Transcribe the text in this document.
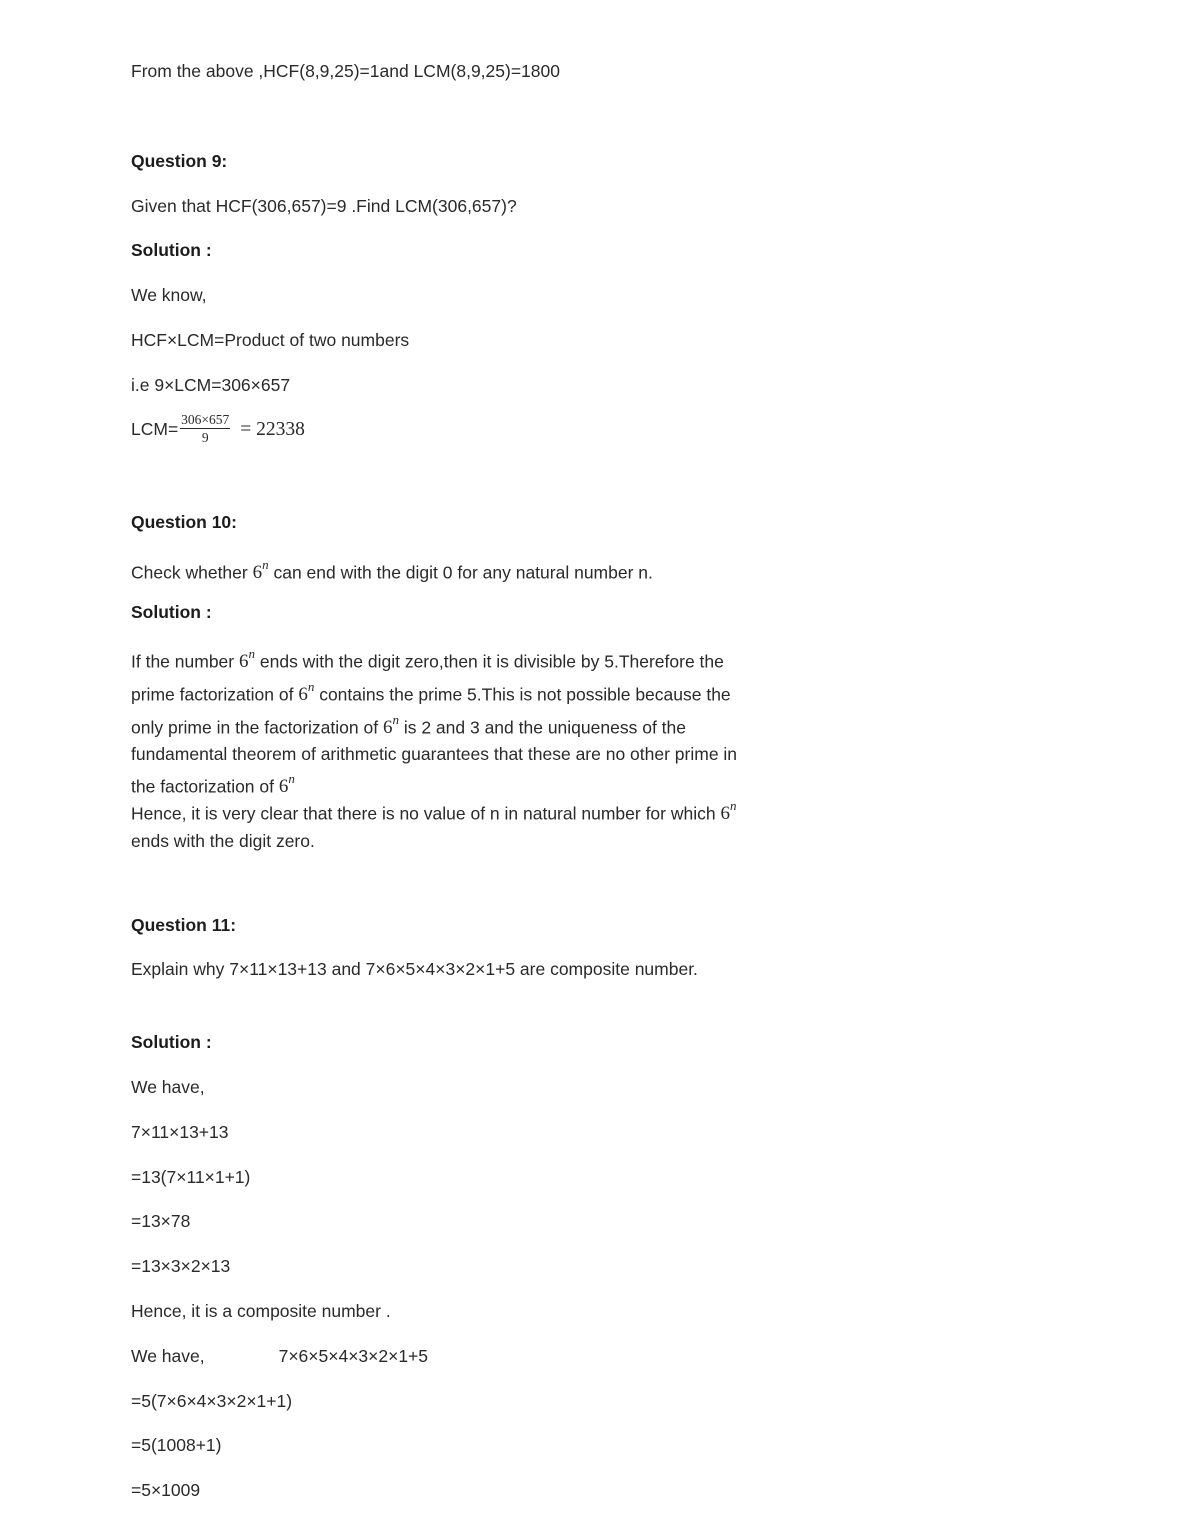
From the above ,HCF(8,9,25)=1and LCM(8,9,25)=1800
Question 9:
Given that HCF(306,657)=9 .Find LCM(306,657)?
Solution :
We know,
HCF×LCM=Product of two numbers
i.e 9×LCM=306×657
$LCM= \frac{306\times 657}{9} = 22338$
Question 10:
Check whether 6$^n$ can end with the digit 0 for any natural number n.
Solution :
If the number 6$^n$ ends with the digit zero,then it is divisible by 5.Therefore the prime factorization of 6$^n$ contains the prime 5.This is not possible because the only prime in the factorization of 6$^n$ is 2 and 3 and the uniqueness of the fundamental theorem of arithmetic guarantees that these are no other prime in the factorization of 6$^n$
Hence, it is very clear that there is no value of n in natural number for which 6$^n$ ends with the digit zero.
Question 11:
Explain why 7×11×13+13 and 7×6×5×4×3×2×1+5 are composite number.
Solution :
We have,
7×11×13+13
=13(7×11×1+1)
=13×78
=13×3×2×13
Hence, it is a composite number .
We have,	7×6×5×4×3×2×1+5
=5(7×6×4×3×2×1+1)
=5(1008+1)
=5×1009
